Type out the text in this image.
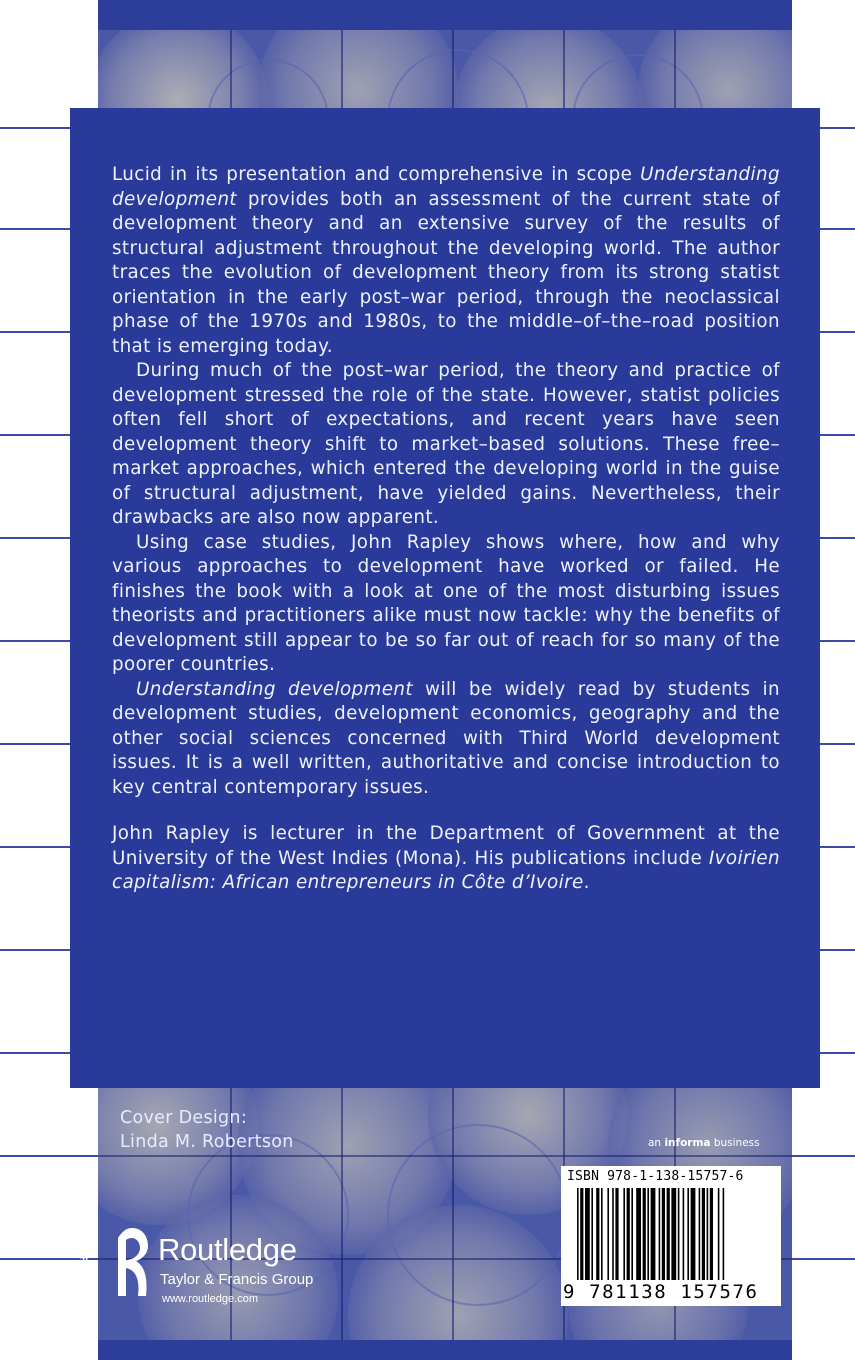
Lucid in its presentation and comprehensive in scope Understanding development provides both an assessment of the current state of development theory and an extensive survey of the results of structural adjustment throughout the developing world. The author traces the evolution of development theory from its strong statist orientation in the early post–war period, through the neoclassical phase of the 1970s and 1980s, to the middle–of–the–road position that is emerging today.

During much of the post–war period, the theory and practice of development stressed the role of the state. However, statist policies often fell short of expectations, and recent years have seen development theory shift to market–based solutions. These free–market approaches, which entered the developing world in the guise of structural adjustment, have yielded gains. Nevertheless, their drawbacks are also now apparent.

Using case studies, John Rapley shows where, how and why various approaches to development have worked or failed. He finishes the book with a look at one of the most disturbing issues theorists and practitioners alike must now tackle: why the benefits of development still appear to be so far out of reach for so many of the poorer countries.

Understanding development will be widely read by students in development studies, development economics, geography and the other social sciences concerned with Third World development issues. It is a well written, authoritative and concise introduction to key central contemporary issues.

John Rapley is lecturer in the Department of Government at the University of the West Indies (Mona). His publications include Ivoirien capitalism: African entrepreneurs in Côte d’Ivoire.

Cover Design:
Linda M. Robertson	an informa business
ISBN 978-1-138-15757-6
9 781138 157576
ROUTLEDGE
Routledge
Taylor & Francis Group
www.routledge.com
